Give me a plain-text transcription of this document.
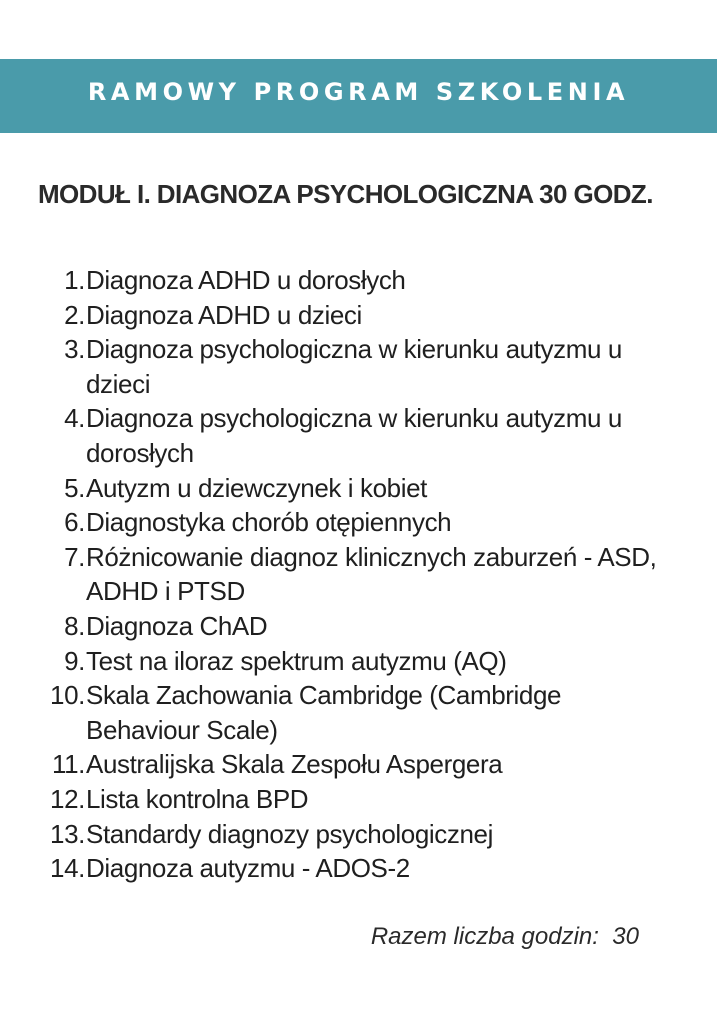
RAMOWY PROGRAM SZKOLENIA
MODUŁ I. DIAGNOZA PSYCHOLOGICZNA 30 GODZ.
1. Diagnoza ADHD u dorosłych
2. Diagnoza ADHD u dzieci
3. Diagnoza psychologiczna w kierunku autyzmu u dzieci
4. Diagnoza psychologiczna w kierunku autyzmu u dorosłych
5. Autyzm u dziewczynek i kobiet
6. Diagnostyka chorób otępiennych
7. Różnicowanie diagnoz klinicznych zaburzeń - ASD, ADHD i PTSD
8. Diagnoza ChAD
9. Test na iloraz spektrum autyzmu (AQ)
10. Skala Zachowania Cambridge (Cambridge Behaviour Scale)
11. Australijska Skala Zespołu Aspergera
12. Lista kontrolna BPD
13. Standardy diagnozy psychologicznej
14. Diagnoza autyzmu - ADOS-2
Razem liczba godzin: 30
